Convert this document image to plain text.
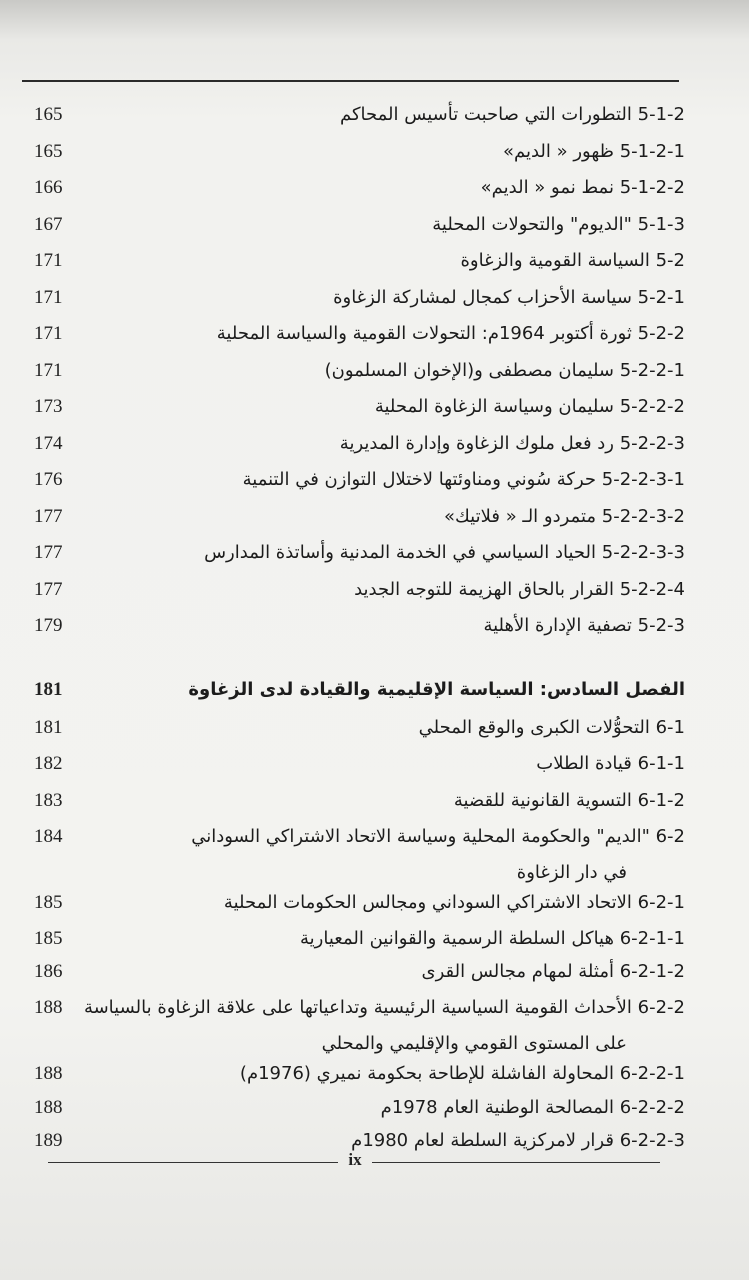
5-1-2 التطورات التي صاحبت تأسيس المحاكم
165
5-1-2-1 ظهور « الديم»
165
5-1-2-2 نمط نمو « الديم»
166
5-1-3 "الديوم" والتحولات المحلية
167
5-2 السياسة القومية والزغاوة
171
5-2-1 سياسة الأحزاب كمجال لمشاركة الزغاوة
171
5-2-2 ثورة أكتوبر 1964م: التحولات القومية والسياسة المحلية
171
5-2-2-1 سليمان مصطفى و(الإخوان المسلمون)
171
5-2-2-2 سليمان وسياسة الزغاوة المحلية
173
5-2-2-3 رد فعل ملوك الزغاوة وإدارة المديرية
174
5-2-2-3-1 حركة سُوني ومناوئتها لاختلال التوازن في التنمية
176
5-2-2-3-2 متمردو الـ « فلاتيك»
177
5-2-2-3-3 الحياد السياسي في الخدمة المدنية وأساتذة المدارس
177
5-2-2-4 القرار بالحاق الهزيمة للتوجه الجديد
177
5-2-3 تصفية الإدارة الأهلية
179
الفصل السادس: السياسة الإقليمية والقيادة لدى الزغاوة
181
6-1 التحوُّلات الكبرى والوقع المحلي
181
6-1-1 قيادة الطلاب
182
6-1-2 التسوية القانونية للقضية
183
6-2 "الديم" والحكومة المحلية وسياسة الاتحاد الاشتراكي السوداني
في دار الزغاوة
184
6-2-1 الاتحاد الاشتراكي السوداني ومجالس الحكومات المحلية
185
6-2-1-1 هياكل السلطة الرسمية والقوانين المعيارية
185
6-2-1-2 أمثلة لمهام مجالس القرى
186
6-2-2 الأحداث القومية السياسية الرئيسية وتداعياتها على علاقة الزغاوة بالسياسة
على المستوى القومي والإقليمي والمحلي
188
6-2-2-1 المحاولة الفاشلة للإطاحة بحكومة نميري (1976م)
188
6-2-2-2 المصالحة الوطنية العام 1978م
188
6-2-2-3 قرار لامركزية السلطة لعام 1980م
189
ix
